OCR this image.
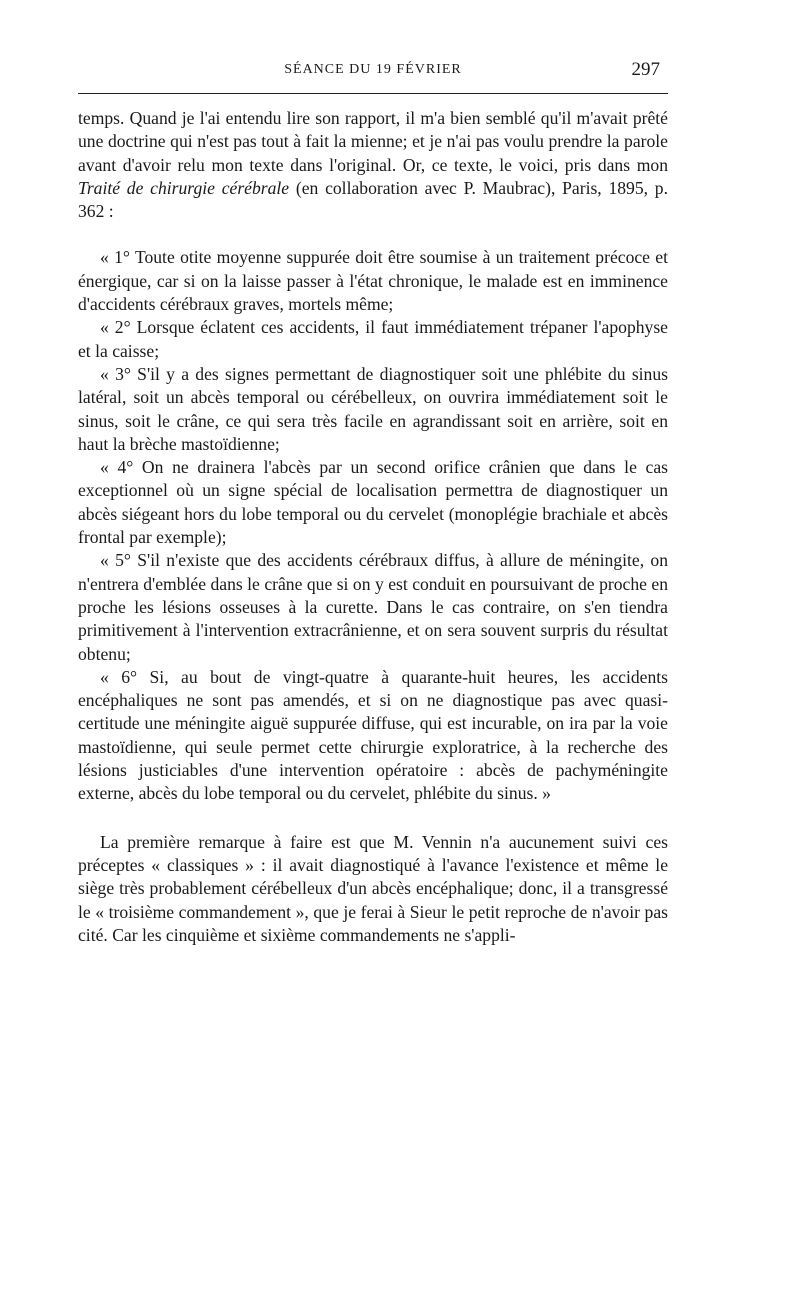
SÉANCE DU 19 FÉVRIER	297

temps. Quand je l'ai entendu lire son rapport, il m'a bien semblé qu'il m'avait prêté une doctrine qui n'est pas tout à fait la mienne; et je n'ai pas voulu prendre la parole avant d'avoir relu mon texte dans l'original. Or, ce texte, le voici, pris dans mon Traité de chirurgie cérébrale (en collaboration avec P. Maubrac), Paris, 1895, p. 362 :

« 1° Toute otite moyenne suppurée doit être soumise à un traitement précoce et énergique, car si on la laisse passer à l'état chronique, le malade est en imminence d'accidents cérébraux graves, mortels même;

« 2° Lorsque éclatent ces accidents, il faut immédiatement trépaner l'apophyse et la caisse;

« 3° S'il y a des signes permettant de diagnostiquer soit une phlébite du sinus latéral, soit un abcès temporal ou cérébelleux, on ouvrira immédiatement soit le sinus, soit le crâne, ce qui sera très facile en agrandissant soit en arrière, soit en haut la brèche mastoïdienne;

« 4° On ne drainera l'abcès par un second orifice crânien que dans le cas exceptionnel où un signe spécial de localisation permettra de diagnostiquer un abcès siégeant hors du lobe temporal ou du cervelet (monoplégie brachiale et abcès frontal par exemple);

« 5° S'il n'existe que des accidents cérébraux diffus, à allure de méningite, on n'entrera d'emblée dans le crâne que si on y est conduit en poursuivant de proche en proche les lésions osseuses à la curette. Dans le cas contraire, on s'en tiendra primitivement à l'intervention extracrânienne, et on sera souvent surpris du résultat obtenu;

« 6° Si, au bout de vingt-quatre à quarante-huit heures, les accidents encéphaliques ne sont pas amendés, et si on ne diagnostique pas avec quasi-certitude une méningite aiguë suppurée diffuse, qui est incurable, on ira par la voie mastoïdienne, qui seule permet cette chirurgie exploratrice, à la recherche des lésions justiciables d'une intervention opératoire : abcès de pachyméningite externe, abcès du lobe temporal ou du cervelet, phlébite du sinus. »

La première remarque à faire est que M. Vennin n'a aucunement suivi ces préceptes « classiques » : il avait diagnostiqué à l'avance l'existence et même le siège très probablement cérébelleux d'un abcès encéphalique; donc, il a transgressé le « troisième commandement », que je ferai à Sieur le petit reproche de n'avoir pas cité. Car les cinquième et sixième commandements ne s'appli-
